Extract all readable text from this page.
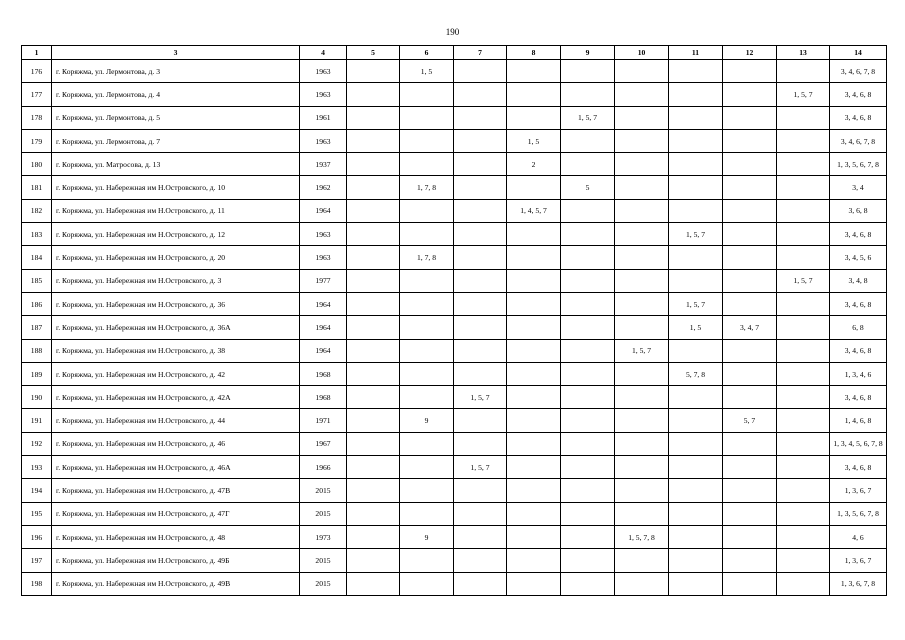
190
1	3	4	5	6	7	8	9	10	11	12	13	14
176	г. Коряжма, ул. Лермонтова, д. 3	1963		1, 5								3, 4, 6, 7, 8
177	г. Коряжма, ул. Лермонтова, д. 4	1963									1, 5, 7	3, 4, 6, 8
178	г. Коряжма, ул. Лермонтова, д. 5	1961					1, 5, 7					3, 4, 6, 8
179	г. Коряжма, ул. Лермонтова, д. 7	1963				1, 5						3, 4, 6, 7, 8
180	г. Коряжма, ул. Матросова, д. 13	1937				2						1, 3, 5, 6, 7, 8
181	г. Коряжма, ул. Набережная им Н.Островского, д. 10	1962		1, 7, 8			5					3, 4
182	г. Коряжма, ул. Набережная им Н.Островского, д. 11	1964				1, 4, 5, 7						3, 6, 8
183	г. Коряжма, ул. Набережная им Н.Островского, д. 12	1963							1, 5, 7			3, 4, 6, 8
184	г. Коряжма, ул. Набережная им Н.Островского, д. 20	1963		1, 7, 8								3, 4, 5, 6
185	г. Коряжма, ул. Набережная им Н.Островского, д. 3	1977									1, 5, 7	3, 4, 8
186	г. Коряжма, ул. Набережная им Н.Островского, д. 36	1964							1, 5, 7			3, 4, 6, 8
187	г. Коряжма, ул. Набережная им Н.Островского, д. 36А	1964							1, 5	3, 4, 7		6, 8
188	г. Коряжма, ул. Набережная им Н.Островского, д. 38	1964						1, 5, 7				3, 4, 6, 8
189	г. Коряжма, ул. Набережная им Н.Островского, д. 42	1968							5, 7, 8			1, 3, 4, 6
190	г. Коряжма, ул. Набережная им Н.Островского, д. 42А	1968			1, 5, 7							3, 4, 6, 8
191	г. Коряжма, ул. Набережная им Н.Островского, д. 44	1971		9						5, 7		1, 4, 6, 8
192	г. Коряжма, ул. Набережная им Н.Островского, д. 46	1967										1, 3, 4, 5, 6, 7, 8
193	г. Коряжма, ул. Набережная им Н.Островского, д. 46А	1966			1, 5, 7							3, 4, 6, 8
194	г. Коряжма, ул. Набережная им Н.Островского, д. 47В	2015										1, 3, 6, 7
195	г. Коряжма, ул. Набережная им Н.Островского, д. 47Г	2015										1, 3, 5, 6, 7, 8
196	г. Коряжма, ул. Набережная им Н.Островского, д. 48	1973		9				1, 5, 7, 8				4, 6
197	г. Коряжма, ул. Набережная им Н.Островского, д. 49Б	2015										1, 3, 6, 7
198	г. Коряжма, ул. Набережная им Н.Островского, д. 49В	2015										1, 3, 6, 7, 8
